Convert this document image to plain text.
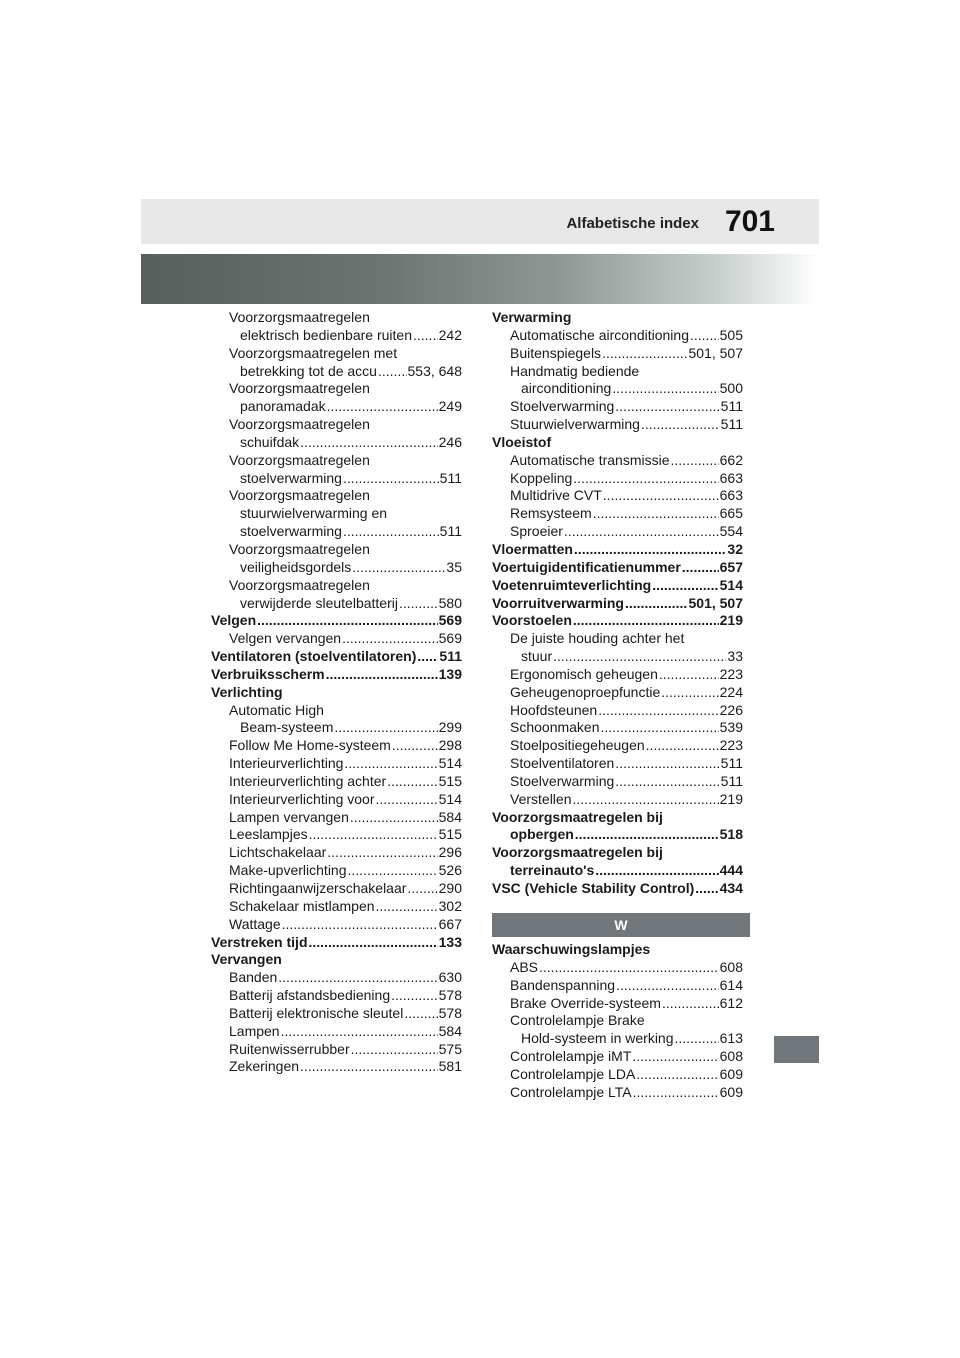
Alfabetische index 701
Voorzorgsmaatregelen
elektrisch bedienbare ruiten ..... 242
Voorzorgsmaatregelen met
betrekking tot de accu ..... 553, 648
Voorzorgsmaatregelen
panoramadak .....	249
Voorzorgsmaatregelen
schuifdak .....	246
Voorzorgsmaatregelen
stoelverwarming .....	511
Voorzorgsmaatregelen
stuurwielverwarming en
stoelverwarming .....	511
Voorzorgsmaatregelen
veiligheidsgordels .....	35
Voorzorgsmaatregelen
verwijderde sleutelbatterij .....	580
Velgen .....	569
Velgen vervangen .....	569
Ventilatoren (stoelventilatoren) ..... 511
Verbruiksscherm .....	139
Verlichting
Automatic High
Beam-systeem .....	299
Follow Me Home-systeem .....	298
Interieurverlichting .....	514
Interieurverlichting achter .....	515
Interieurverlichting voor .....	514
Lampen vervangen .....	584
Leeslampjes .....	515
Lichtschakelaar .....	296
Make-upverlichting .....	526
Richtingaanwijzerschakelaar ..... 290
Schakelaar mistlampen .....	302
Wattage .....	667
Verstreken tijd .....	133
Vervangen
Banden .....	630
Batterij afstandsbediening .....	578
Batterij elektronische sleutel .....	578
Lampen .....	584
Ruitenwisserrubber .....	575
Zekeringen .....	581
Verwarming
Automatische airconditioning ..... 505
Buitenspiegels .....	501, 507
Handmatig bediende
airconditioning .....	500
Stoelverwarming .....	511
Stuurwielverwarming .....	511
Vloeistof
Automatische transmissie .....	662
Koppeling .....	663
Multidrive CVT .....	663
Remsysteem .....	665
Sproeier .....	554
Vloermatten .....	32
Voertuigidentificatienummer .....	657
Voetenruimteverlichting .....	514
Voorruitverwarming .....	501, 507
Voorstoelen .....	219
De juiste houding achter het
stuur .....	33
Ergonomisch geheugen .....	223
Geheugenoproepfunctie .....	224
Hoofdsteunen .....	226
Schoonmaken .....	539
Stoelpositiegeheugen .....	223
Stoelventilatoren .....	511
Stoelverwarming .....	511
Verstellen .....	219
Voorzorgsmaatregelen bij
opbergen .....	518
Voorzorgsmaatregelen bij
terreinauto's .....	444
VSC (Vehicle Stability Control) ..... 434
W
Waarschuwingslampjes
ABS .....	608
Bandenspanning .....	614
Brake Override-systeem .....	612
Controlelampje Brake
Hold-systeem in werking .....	613
Controlelampje iMT .....	608
Controlelampje LDA .....	609
Controlelampje LTA .....	609
